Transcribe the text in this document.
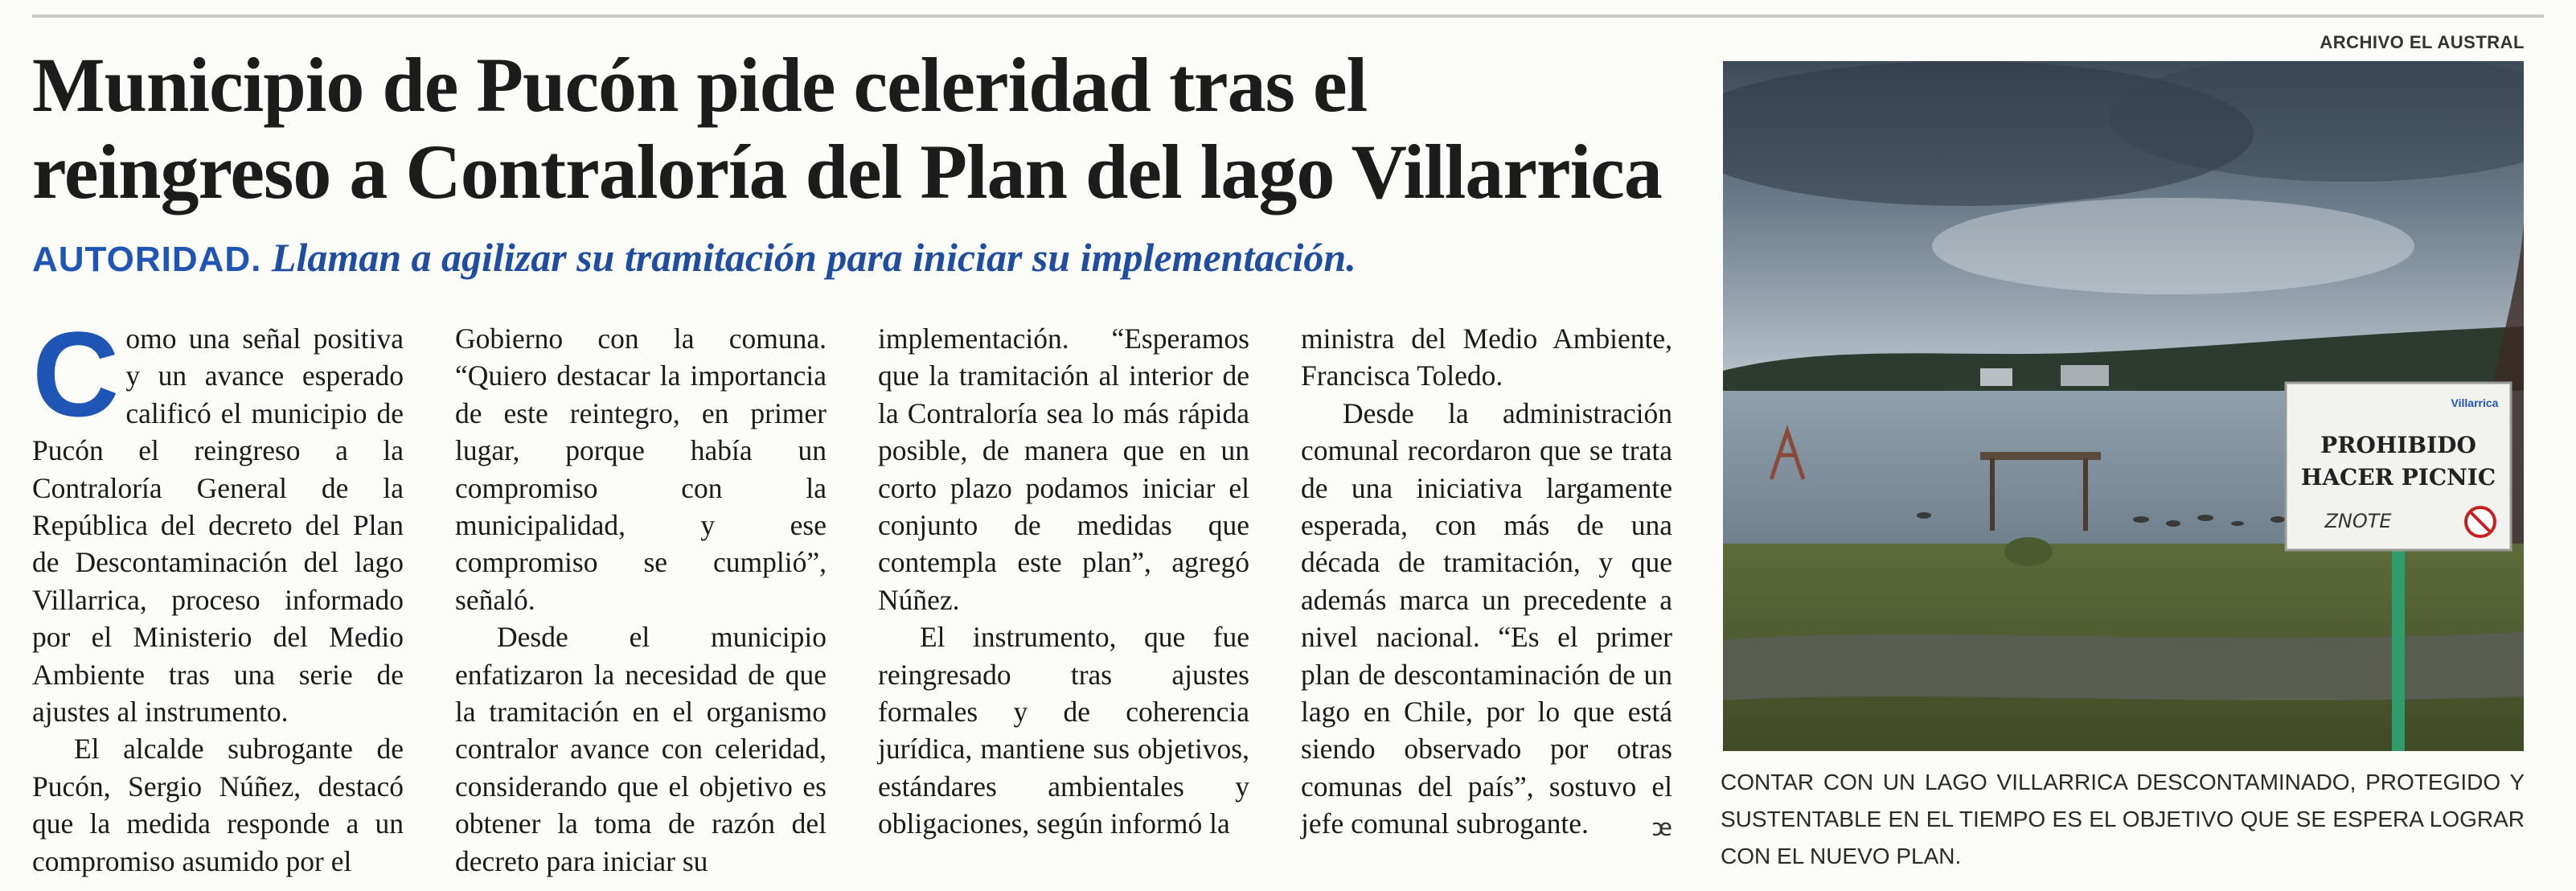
Municipio de Pucón pide celeridad tras el reingreso a Contraloría del Plan del lago Villarrica
AUTORIDAD. Llaman a agilizar su tramitación para iniciar su implementación.

Como una señal positiva y un avance esperado calificó el municipio de Pucón el reingreso a la Contraloría General de la República del decreto del Plan de Descontaminación del lago Villarrica, proceso informado por el Ministerio del Medio Ambiente tras una serie de ajustes al instrumento.

El alcalde subrogante de Pucón, Sergio Núñez, destacó que la medida responde a un compromiso asumido por el

Gobierno con la comuna. “Quiero destacar la importancia de este reintegro, en primer lugar, porque había un compromiso con la municipalidad, y ese compromiso se cumplió”, señaló.

Desde el municipio enfatizaron la necesidad de que la tramitación en el organismo contralor avance con celeridad, considerando que el objetivo es obtener la toma de razón del decreto para iniciar su

implementación. “Esperamos que la tramitación al interior de la Contraloría sea lo más rápida posible, de manera que en un corto plazo podamos iniciar el conjunto de medidas que contempla este plan”, agregó Núñez.

El instrumento, que fue reingresado tras ajustes formales y de coherencia jurídica, mantiene sus objetivos, estándares ambientales y obligaciones, según informó la

ministra del Medio Ambiente, Francisca Toledo.

Desde la administración comunal recordaron que se trata de una iniciativa largamente esperada, con más de una década de tramitación, y que además marca un precedente a nivel nacional. “Es el primer plan de descontaminación de un lago en Chile, por lo que está siendo observado por otras comunas del país”, sostuvo el jefe comunal subrogante.	ꭢ

ARCHIVO EL AUSTRAL
Villarrica
PROHIBIDO
HACER PICNIC
ZNOTE
CONTAR CON UN LAGO VILLARRICA DESCONTAMINADO, PROTEGIDO Y SUSTENTABLE EN EL TIEMPO ES EL OBJETIVO QUE SE ESPERA LOGRAR CON EL NUEVO PLAN.
